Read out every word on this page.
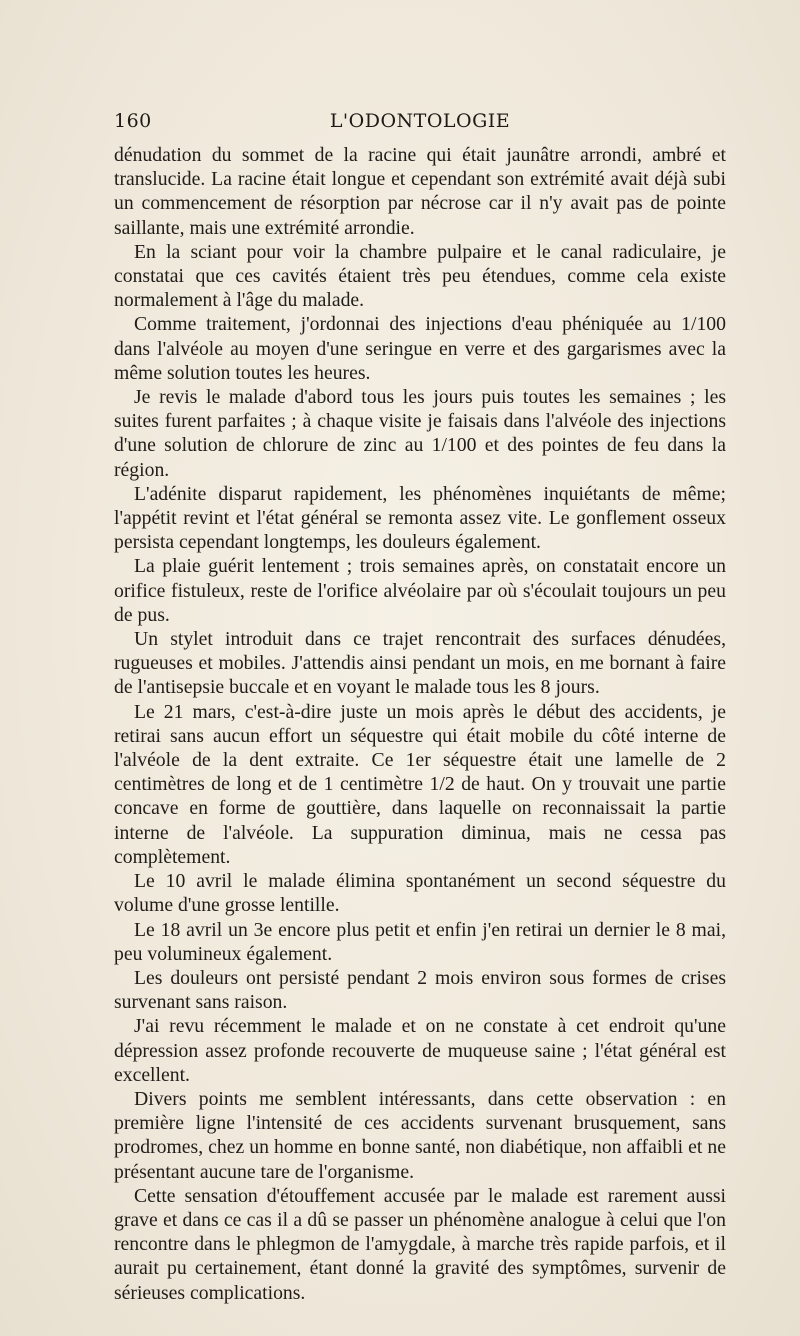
160	L'ODONTOLOGIE

dénudation du sommet de la racine qui était jaunâtre arrondi, ambré et translucide. La racine était longue et cependant son extrémité avait déjà subi un commencement de résorption par nécrose car il n'y avait pas de pointe saillante, mais une extrémité arrondie.

En la sciant pour voir la chambre pulpaire et le canal radiculaire, je constatai que ces cavités étaient très peu étendues, comme cela existe normalement à l'âge du malade.

Comme traitement, j'ordonnai des injections d'eau phéniquée au 1/100 dans l'alvéole au moyen d'une seringue en verre et des gargarismes avec la même solution toutes les heures.

Je revis le malade d'abord tous les jours puis toutes les semaines ; les suites furent parfaites ; à chaque visite je faisais dans l'alvéole des injections d'une solution de chlorure de zinc au 1/100 et des pointes de feu dans la région.

L'adénite disparut rapidement, les phénomènes inquiétants de même; l'appétit revint et l'état général se remonta assez vite. Le gonflement osseux persista cependant longtemps, les douleurs également.

La plaie guérit lentement ; trois semaines après, on constatait encore un orifice fistuleux, reste de l'orifice alvéolaire par où s'écoulait toujours un peu de pus.

Un stylet introduit dans ce trajet rencontrait des surfaces dénudées, rugueuses et mobiles. J'attendis ainsi pendant un mois, en me bornant à faire de l'antisepsie buccale et en voyant le malade tous les 8 jours.

Le 21 mars, c'est-à-dire juste un mois après le début des accidents, je retirai sans aucun effort un séquestre qui était mobile du côté interne de l'alvéole de la dent extraite. Ce 1er séquestre était une lamelle de 2 centimètres de long et de 1 centimètre 1/2 de haut. On y trouvait une partie concave en forme de gouttière, dans laquelle on reconnaissait la partie interne de l'alvéole. La suppuration diminua, mais ne cessa pas complètement.

Le 10 avril le malade élimina spontanément un second séquestre du volume d'une grosse lentille.

Le 18 avril un 3e encore plus petit et enfin j'en retirai un dernier le 8 mai, peu volumineux également.

Les douleurs ont persisté pendant 2 mois environ sous formes de crises survenant sans raison.

J'ai revu récemment le malade et on ne constate à cet endroit qu'une dépression assez profonde recouverte de muqueuse saine ; l'état général est excellent.

Divers points me semblent intéressants, dans cette observation : en première ligne l'intensité de ces accidents survenant brusquement, sans prodromes, chez un homme en bonne santé, non diabétique, non affaibli et ne présentant aucune tare de l'organisme.

Cette sensation d'étouffement accusée par le malade est rarement aussi grave et dans ce cas il a dû se passer un phénomène analogue à celui que l'on rencontre dans le phlegmon de l'amygdale, à marche très rapide parfois, et il aurait pu certainement, étant donné la gravité des symptômes, survenir de sérieuses complications.
